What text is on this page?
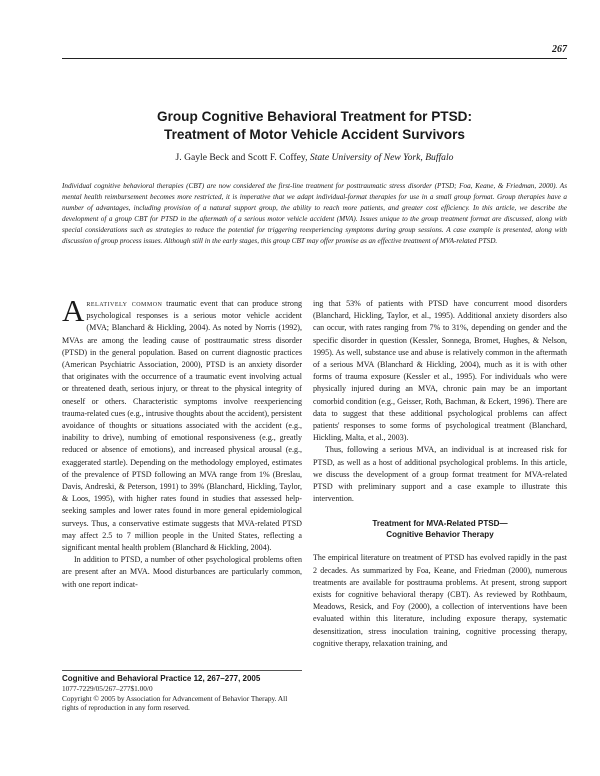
267
Group Cognitive Behavioral Treatment for PTSD:
Treatment of Motor Vehicle Accident Survivors
J. Gayle Beck and Scott F. Coffey, State University of New York, Buffalo
Individual cognitive behavioral therapies (CBT) are now considered the first-line treatment for posttraumatic stress disorder (PTSD; Foa, Keane, & Friedman, 2000). As mental health reimbursement becomes more restricted, it is imperative that we adapt individual-format therapies for use in a small group format. Group therapies have a number of advantages, including provision of a natural support group, the ability to reach more patients, and greater cost efficiency. In this article, we describe the development of a group CBT for PTSD in the aftermath of a serious motor vehicle accident (MVA). Issues unique to the group treatment format are discussed, along with special considerations such as strategies to reduce the potential for triggering reexperiencing symptoms during group sessions. A case example is presented, along with discussion of group process issues. Although still in the early stages, this group CBT may offer promise as an effective treatment of MVA-related PTSD.

Arelatively common traumatic event that can produce strong psychological responses is a serious motor vehicle accident (MVA; Blanchard & Hickling, 2004). As noted by Norris (1992), MVAs are among the leading cause of posttraumatic stress disorder (PTSD) in the general population. Based on current diagnostic practices (American Psychiatric Association, 2000), PTSD is an anxiety disorder that originates with the occurrence of a traumatic event involving actual or threatened death, serious injury, or threat to the physical integrity of oneself or others. Characteristic symptoms involve reexperiencing trauma-related cues (e.g., intrusive thoughts about the accident), persistent avoidance of thoughts or situations associated with the accident (e.g., inability to drive), numbing of emotional responsiveness (e.g., greatly reduced or absence of emotions), and increased physical arousal (e.g., exaggerated startle). Depending on the methodology employed, estimates of the prevalence of PTSD following an MVA range from 1% (Breslau, Davis, Andreski, & Peterson, 1991) to 39% (Blanchard, Hickling, Taylor, & Loos, 1995), with higher rates found in studies that assessed help-seeking samples and lower rates found in more general epidemiological surveys. Thus, a conservative estimate suggests that MVA-related PTSD may affect 2.5 to 7 million people in the United States, reflecting a significant mental health problem (Blanchard & Hickling, 2004).

In addition to PTSD, a number of other psychological problems often are present after an MVA. Mood disturbances are particularly common, with one report indicat-

ing that 53% of patients with PTSD have concurrent mood disorders (Blanchard, Hickling, Taylor, et al., 1995). Additional anxiety disorders also can occur, with rates ranging from 7% to 31%, depending on gender and the specific disorder in question (Kessler, Sonnega, Bromet, Hughes, & Nelson, 1995). As well, substance use and abuse is relatively common in the aftermath of a serious MVA (Blanchard & Hickling, 2004), much as it is with other forms of trauma exposure (Kessler et al., 1995). For individuals who were physically injured during an MVA, chronic pain may be an important comorbid condition (e.g., Geisser, Roth, Bachman, & Eckert, 1996). There are data to suggest that these additional psychological problems can affect patients' responses to some forms of psychological treatment (Blanchard, Hickling, Malta, et al., 2003).

Thus, following a serious MVA, an individual is at increased risk for PTSD, as well as a host of additional psychological problems. In this article, we discuss the development of a group format treatment for MVA-related PTSD with preliminary support and a case example to illustrate this intervention.

Treatment for MVA-Related PTSD—
Cognitive Behavior Therapy

The empirical literature on treatment of PTSD has evolved rapidly in the past 2 decades. As summarized by Foa, Keane, and Friedman (2000), numerous treatments are available for posttrauma problems. At present, strong support exists for cognitive behavioral therapy (CBT). As reviewed by Rothbaum, Meadows, Resick, and Foy (2000), a collection of interventions have been evaluated within this literature, including exposure therapy, systematic desensitization, stress inoculation training, cognitive processing therapy, cognitive therapy, relaxation training, and

Cognitive and Behavioral Practice 12, 267–277, 2005
1077-7229/05/267–277$1.00/0
Copyright © 2005 by Association for Advancement of Behavior Therapy. All rights of reproduction in any form reserved.
